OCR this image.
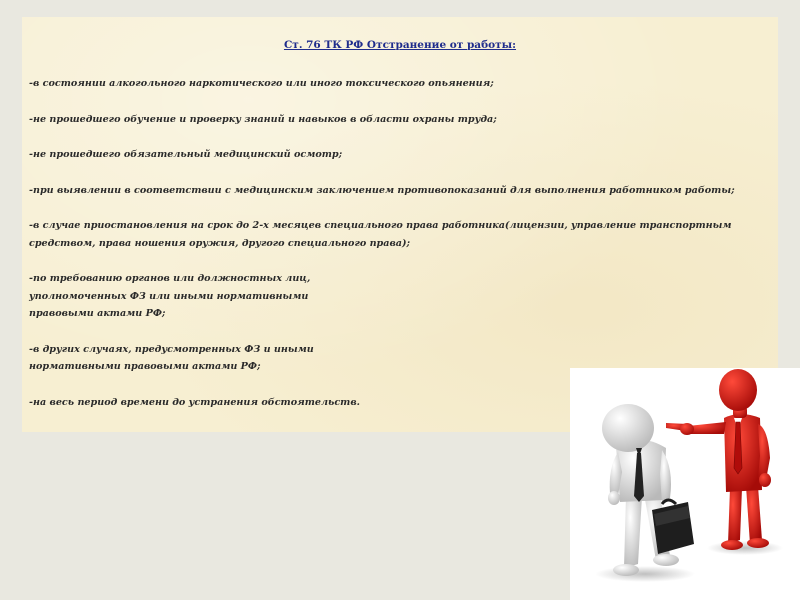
Ст. 76 ТК РФ Отстранение от работы:

-в состоянии алкогольного наркотического или иного токсического опьянения;
-не прошедшего обучение и проверку знаний и навыков в области охраны труда;
-не прошедшего обязательный медицинский осмотр;
-при выявлении в соответствии с медицинским заключением противопоказаний для выполнения работником работы;
-в случае приостановления на срок до 2-х месяцев специального права работника(лицензии, управление транспортным
средством, права ношения оружия, другого специального права);
-по требованию органов или должностных лиц,
уполномоченных ФЗ или иными нормативными
правовыми актами РФ;
-в других случаях, предусмотренных ФЗ и иными
нормативными правовыми актами РФ;
-на весь период времени до устранения обстоятельств.
